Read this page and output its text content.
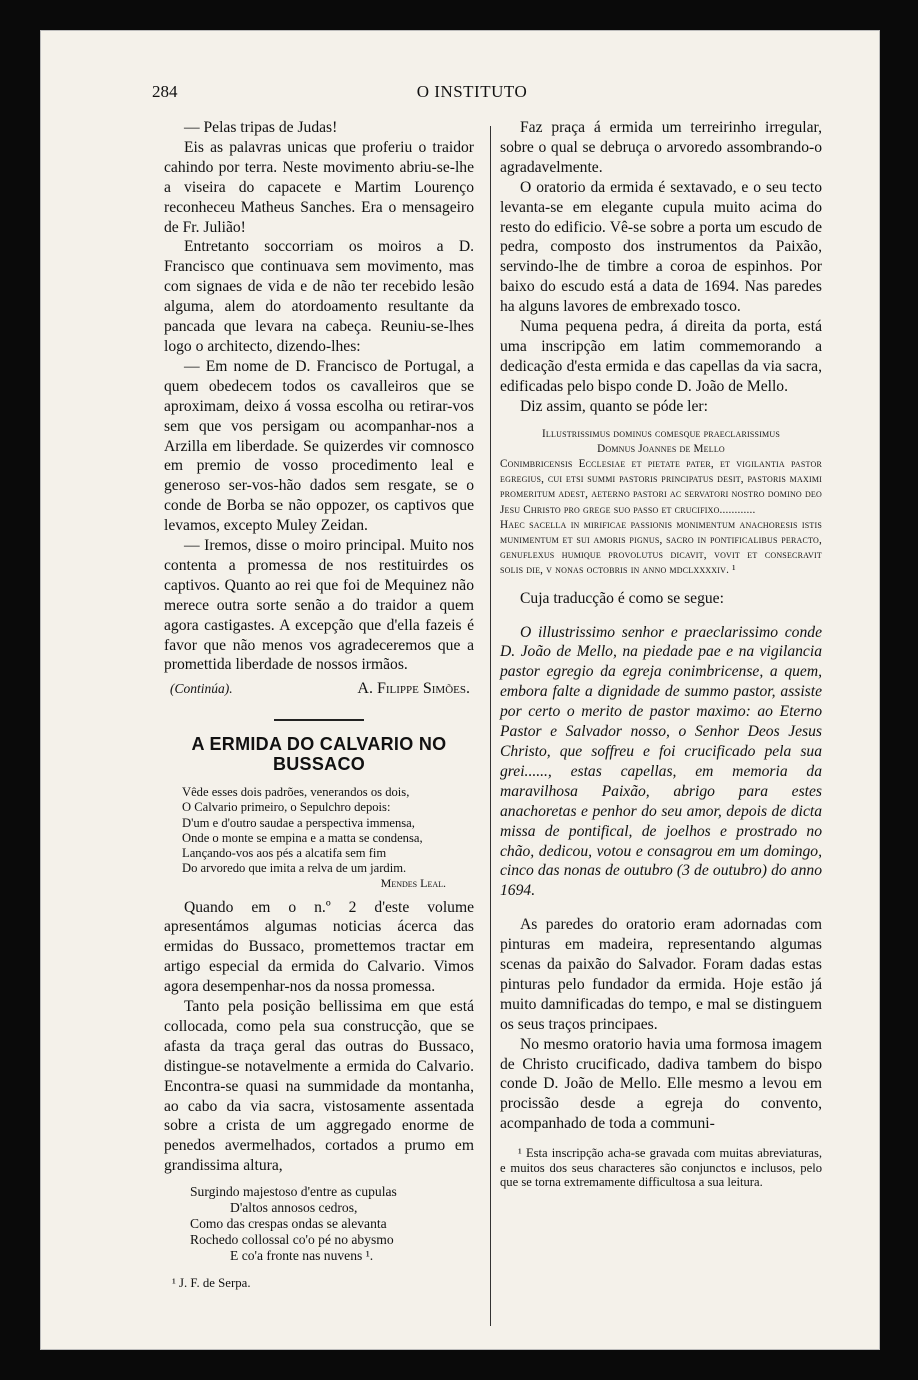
284	O INSTITUTO

— Pelas tripas de Judas!

Eis as palavras unicas que proferiu o traidor cahindo por terra. Neste movimento abriu-se-lhe a viseira do capacete e Martim Lourenço reconheceu Matheus Sanches. Era o mensageiro de Fr. Julião!

Entretanto soccorriam os moiros a D. Francisco que continuava sem movimento, mas com signaes de vida e de não ter recebido lesão alguma, alem do atordoamento resultante da pancada que levara na cabeça. Reuniu-se-lhes logo o architecto, dizendo-lhes:

— Em nome de D. Francisco de Portugal, a quem obedecem todos os cavalleiros que se aproximam, deixo á vossa escolha ou retirar-vos sem que vos persigam ou acompanhar-nos a Arzilla em liberdade. Se quizerdes vir comnosco em premio de vosso procedimento leal e generoso ser-vos-hão dados sem resgate, se o conde de Borba se não oppozer, os captivos que levamos, excepto Muley Zeidan.

— Iremos, disse o moiro principal. Muito nos contenta a promessa de nos restituirdes os captivos. Quanto ao rei que foi de Mequinez não merece outra sorte senão a do traidor a quem agora castigastes. A excepção que d'ella fazeis é favor que não menos vos agradeceremos que a promettida liberdade de nossos irmãos.

(Continúa).	A. Filippe Simões.
A ERMIDA DO CALVARIO NO BUSSACO
Vêde esses dois padrões, venerandos os dois,
O Calvario primeiro, o Sepulchro depois:
D'um e d'outro saudae a perspectiva immensa,
Onde o monte se empina e a matta se condensa,
Lançando-vos aos pés a alcatifa sem fim
Do arvoredo que imita a relva de um jardim.
Mendes Leal.

Quando em o n.º 2 d'este volume apresentámos algumas noticias ácerca das ermidas do Bussaco, promettemos tractar em artigo especial da ermida do Calvario. Vimos agora desempenhar-nos da nossa promessa.

Tanto pela posição bellissima em que está collocada, como pela sua construcção, que se afasta da traça geral das outras do Bussaco, distingue-se notavelmente a ermida do Calvario. Encontra-se quasi na summidade da montanha, ao cabo da via sacra, vistosamente assentada sobre a crista de um aggregado enorme de penedos avermelhados, cortados a prumo em grandissima altura,

Surgindo majestoso d'entre as cupulas
D'altos annosos cedros,
Como das crespas ondas se alevanta
Rochedo collossal co'o pé no abysmo
E co'a fronte nas nuvens ¹.
¹ J. F. de Serpa.

Faz praça á ermida um terreirinho irregular, sobre o qual se debruça o arvoredo assombrando-o agradavelmente.

O oratorio da ermida é sextavado, e o seu tecto levanta-se em elegante cupula muito acima do resto do edificio. Vê-se sobre a porta um escudo de pedra, composto dos instrumentos da Paixão, servindo-lhe de timbre a coroa de espinhos. Por baixo do escudo está a data de 1694. Nas paredes ha alguns lavores de embrexado tosco.

Numa pequena pedra, á direita da porta, está uma inscripção em latim commemorando a dedicação d'esta ermida e das capellas da via sacra, edificadas pelo bispo conde D. João de Mello.

Diz assim, quanto se póde ler:

Illustrissimus dominus comesque praeclarissimus
Domnus Joannes de Mello
Conimbricensis Ecclesiae et pietate pater, et vigilantia pastor egregius, cui etsi summi pastoris principatus desit, pastoris maximi promeritum adest, aeterno pastori ac servatori nostro domino deo Jesu Christo pro grege suo passo et crucifixo............
Haec sacella in mirificae passionis monimentum anachoresis istis munimentum et sui amoris pignus, sacro in pontificalibus peracto, genuflexus humique provolutus dicavit, vovit et consecravit solis die, v nonas octobris in anno mdclxxxxiv. ¹

Cuja traducção é como se segue:

O illustrissimo senhor e praeclarissimo conde D. João de Mello, na piedade pae e na vigilancia pastor egregio da egreja conimbricense, a quem, embora falte a dignidade de summo pastor, assiste por certo o merito de pastor maximo: ao Eterno Pastor e Salvador nosso, o Senhor Deos Jesus Christo, que soffreu e foi crucificado pela sua grei......, estas capellas, em memoria da maravilhosa Paixão, abrigo para estes anachoretas e penhor do seu amor, depois de dicta missa de pontifical, de joelhos e prostrado no chão, dedicou, votou e consagrou em um domingo, cinco das nonas de outubro (3 de outubro) do anno 1694.

As paredes do oratorio eram adornadas com pinturas em madeira, representando algumas scenas da paixão do Salvador. Foram dadas estas pinturas pelo fundador da ermida. Hoje estão já muito damnificadas do tempo, e mal se distinguem os seus traços principaes.

No mesmo oratorio havia uma formosa imagem de Christo crucificado, dadiva tambem do bispo conde D. João de Mello. Elle mesmo a levou em procissão desde a egreja do convento, acompanhado de toda a communi-

¹ Esta inscripção acha-se gravada com muitas abreviaturas, e muitos dos seus characteres são conjunctos e inclusos, pelo que se torna extremamente difficultosa a sua leitura.
